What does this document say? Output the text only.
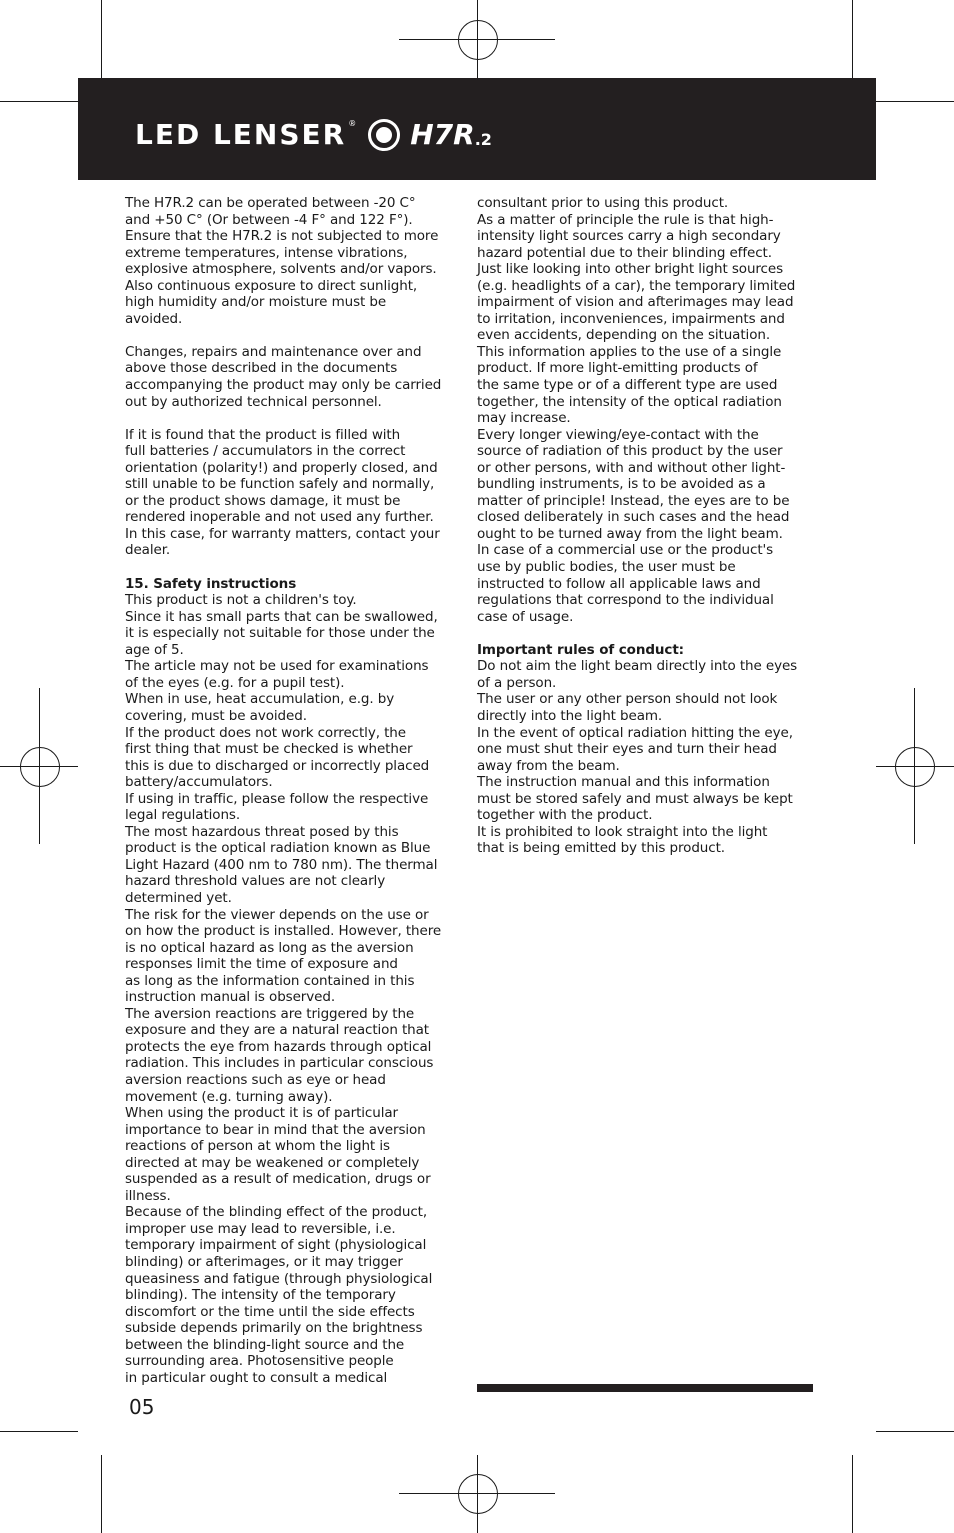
LED LENSER ® H7R .2
The H7R.2 can be operated between -20 C°
and +50 C° (Or between -4 F° and 122 F°).
Ensure that the H7R.2 is not subjected to more
extreme temperatures, intense vibrations,
explosive atmosphere, solvents and/or vapors.
Also continuous exposure to direct sunlight,
high humidity and/or moisture must be
avoided.
Changes, repairs and maintenance over and
above those described in the documents
accompanying the product may only be carried
out by authorized technical personnel.
If it is found that the product is filled with
full batteries / accumulators in the correct
orientation (polarity!) and properly closed, and
still unable to be function safely and normally,
or the product shows damage, it must be
rendered inoperable and not used any further.
In this case, for warranty matters, contact your
dealer.
15. Safety instructions
This product is not a children's toy.
Since it has small parts that can be swallowed,
it is especially not suitable for those under the
age of 5.
The article may not be used for examinations
of the eyes (e.g. for a pupil test).
When in use, heat accumulation, e.g. by
covering, must be avoided.
If the product does not work correctly, the
first thing that must be checked is whether
this is due to discharged or incorrectly placed
battery/accumulators.
If using in traffic, please follow the respective
legal regulations.
The most hazardous threat posed by this
product is the optical radiation known as Blue
Light Hazard (400 nm to 780 nm). The thermal
hazard threshold values are not clearly
determined yet.
The risk for the viewer depends on the use or
on how the product is installed. However, there
is no optical hazard as long as the aversion
responses limit the time of exposure and
as long as the information contained in this
instruction manual is observed.
The aversion reactions are triggered by the
exposure and they are a natural reaction that
protects the eye from hazards through optical
radiation. This includes in particular conscious
aversion reactions such as eye or head
movement (e.g. turning away).
When using the product it is of particular
importance to bear in mind that the aversion
reactions of person at whom the light is
directed at may be weakened or completely
suspended as a result of medication, drugs or
illness.
Because of the blinding effect of the product,
improper use may lead to reversible, i.e.
temporary impairment of sight (physiological
blinding) or afterimages, or it may trigger
queasiness and fatigue (through physiological
blinding). The intensity of the temporary
discomfort or the time until the side effects
subside depends primarily on the brightness
between the blinding-light source and the
surrounding area. Photosensitive people
in particular ought to consult a medical
consultant prior to using this product.
As a matter of principle the rule is that high-
intensity light sources carry a high secondary
hazard potential due to their blinding effect.
Just like looking into other bright light sources
(e.g. headlights of a car), the temporary limited
impairment of vision and afterimages may lead
to irritation, inconveniences, impairments and
even accidents, depending on the situation.
This information applies to the use of a single
product. If more light-emitting products of
the same type or of a different type are used
together, the intensity of the optical radiation
may increase.
Every longer viewing/eye-contact with the
source of radiation of this product by the user
or other persons, with and without other light-
bundling instruments, is to be avoided as a
matter of principle! Instead, the eyes are to be
closed deliberately in such cases and the head
ought to be turned away from the light beam.
In case of a commercial use or the product's
use by public bodies, the user must be
instructed to follow all applicable laws and
regulations that correspond to the individual
case of usage.
Important rules of conduct:
Do not aim the light beam directly into the eyes
of a person.
The user or any other person should not look
directly into the light beam.
In the event of optical radiation hitting the eye,
one must shut their eyes and turn their head
away from the beam.
The instruction manual and this information
must be stored safely and must always be kept
together with the product.
It is prohibited to look straight into the light
that is being emitted by this product.
05
